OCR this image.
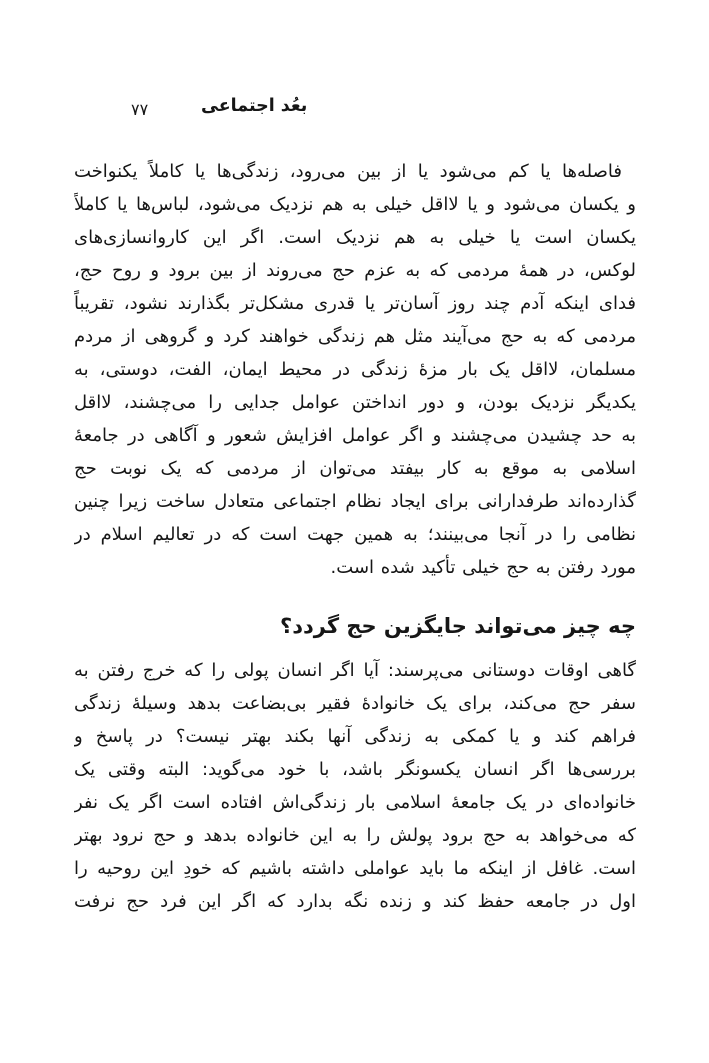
۷۷	بعُد اجتماعی
فاصله‌ها یا کم می‌شود یا از بین می‌رود، زندگی‌ها یا کاملاً یکنواخت
و یکسان می‌شود و یا لااقل خیلی به هم نزدیک می‌شود، لباس‌ها یا کاملاً
یکسان است یا خیلی به هم نزدیک است. اگر این کاروانسازی‌های
لوکس، در همهٔ مردمی که به عزم حج می‌روند از بین برود و روح حج،
فدای اینکه آدم چند روز آسان‌تر یا قدری مشکل‌تر بگذارند نشود، تقریباً
مردمی که به حج می‌آیند مثل هم زندگی خواهند کرد و گروهی از مردم
مسلمان، لااقل یک بار مزهٔ زندگی در محیط ایمان، الفت، دوستی، به
یکدیگر نزدیک بودن، و دور انداختن عوامل جدایی را می‌چشند، لااقل
به حد چشیدن می‌چشند و اگر عوامل افزایش شعور و آگاهی در جامعهٔ
اسلامی به موقع به کار بیفتد می‌توان از مردمی که یک نوبت حج
گذارده‌اند طرفدارانی برای ایجاد نظام اجتماعی متعادل ساخت زیرا چنین
نظامی را در آنجا می‌بینند؛ به همین جهت است که در تعالیم اسلام در
مورد رفتن به حج خیلی تأکید شده است.
چه چیز می‌تواند جایگزین حج گردد؟
گاهی اوقات دوستانی می‌پرسند: آیا اگر انسان پولی را که خرج رفتن به
سفر حج می‌کند، برای یک خانوادهٔ فقیر بی‌بضاعت بدهد وسیلهٔ زندگی
فراهم کند و یا کمکی به زندگی آنها بکند بهتر نیست؟ در پاسخ و
بررسی‌ها اگر انسان یکسونگر باشد، با خود می‌گوید: البته وقتی یک
خانواده‌ای در یک جامعهٔ اسلامی بار زندگی‌اش افتاده است اگر یک نفر
که می‌خواهد به حج برود پولش را به این خانواده بدهد و حج نرود بهتر
است. غافل از اینکه ما باید عواملی داشته باشیم که خودِ این روحیه را
اول در جامعه حفظ کند و زنده نگه بدارد که اگر این فرد حج نرفت
